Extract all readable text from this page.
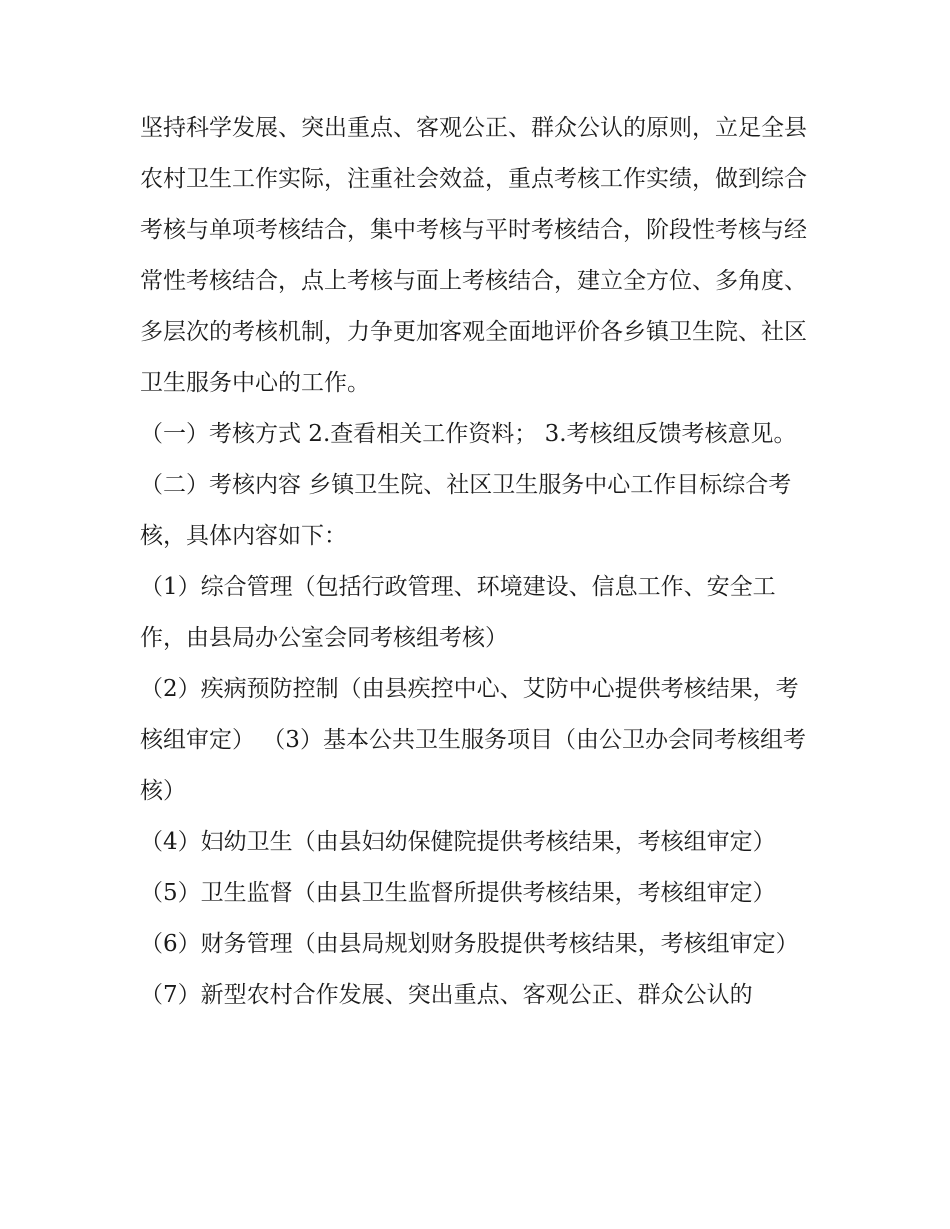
坚持科学发展、突出重点、客观公正、群众公认的原则，立足全县农村卫生工作实际，注重社会效益，重点考核工作实绩，做到综合考核与单项考核结合，集中考核与平时考核结合，阶段性考核与经常性考核结合，点上考核与面上考核结合，建立全方位、多角度、多层次的考核机制，力争更加客观全面地评价各乡镇卫生院、社区卫生服务中心的工作。

（一）考核方式 2.查看相关工作资料； 3.考核组反馈考核意见。 （二）考核内容 乡镇卫生院、社区卫生服务中心工作目标综合考核，具体内容如下：

（1）综合管理（包括行政管理、环境建设、信息工作、安全工作，由县局办公室会同考核组考核）

（2）疾病预防控制（由县疾控中心、艾防中心提供考核结果，考核组审定） （3）基本公共卫生服务项目（由公卫办会同考核组考核）

（4）妇幼卫生（由县妇幼保健院提供考核结果，考核组审定） （5）卫生监督（由县卫生监督所提供考核结果，考核组审定）

（6）财务管理（由县局规划财务股提供考核结果，考核组审定）

（7）新型农村合作发展、突出重点、客观公正、群众公认的
